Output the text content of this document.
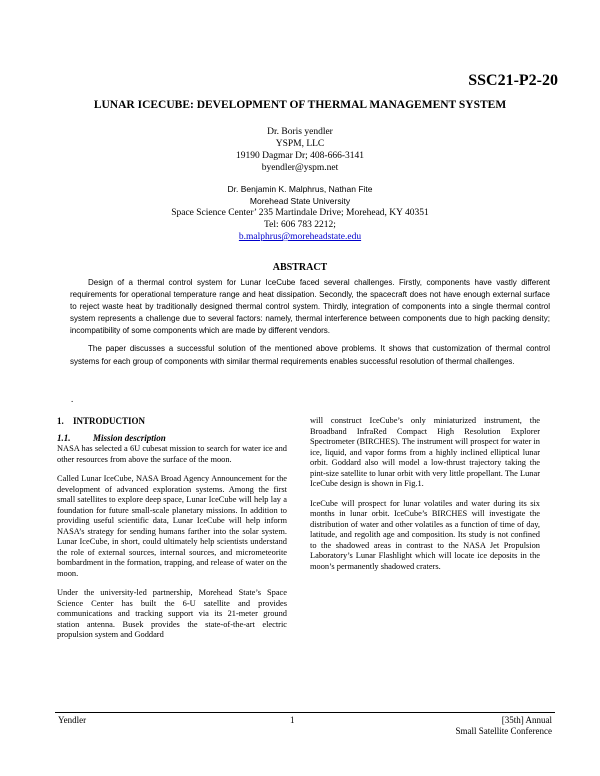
SSC21-P2-20

LUNAR ICECUBE: DEVELOPMENT OF THERMAL MANAGEMENT SYSTEM

Dr. Boris yendler

YSPM, LLC

19190 Dagmar Dr; 408-666-3141

byendler@yspm.net

Dr. Benjamin K. Malphrus, Nathan Fite

Morehead State University

Space Science Center’ 235 Martindale Drive; Morehead, KY 40351

Tel: 606 783 2212;

b.malphrus@moreheadstate.edu

ABSTRACT

Design of a thermal control system for Lunar IceCube faced several challenges. Firstly, components have vastly different requirements for operational temperature range and heat dissipation. Secondly, the spacecraft does not have enough external surface to reject waste heat by traditionally designed thermal control system. Thirdly, integration of components into a single thermal control system represents a challenge due to several factors: namely, thermal interference between components due to high packing density; incompatibility of some components which are made by different vendors.

The paper discusses a successful solution of the mentioned above problems. It shows that customization of thermal control systems for each group of components with similar thermal requirements enables successful resolution of thermal challenges.

.
1. INTRODUCTION
1.1.	Mission description

NASA has selected a 6U cubesat mission to search for water ice and other resources from above the surface of the moon.

Called Lunar IceCube, NASA Broad Agency Announcement for the development of advanced exploration systems. Among the first small satellites to explore deep space, Lunar IceCube will help lay a foundation for future small-scale planetary missions. In addition to providing useful scientific data, Lunar IceCube will help inform NASA’s strategy for sending humans farther into the solar system. Lunar IceCube, in short, could ultimately help scientists understand the role of external sources, internal sources, and micrometeorite bombardment in the formation, trapping, and release of water on the moon.

Under the university-led partnership, Morehead State’s Space Science Center has built the 6-U satellite and provides communications and tracking support via its 21-meter ground station antenna. Busek provides the state-of-the-art electric propulsion system and Goddard

will construct IceCube’s only miniaturized instrument, the Broadband InfraRed Compact High Resolution Explorer Spectrometer (BIRCHES). The instrument will prospect for water in ice, liquid, and vapor forms from a highly inclined elliptical lunar orbit. Goddard also will model a low-thrust trajectory taking the pint-size satellite to lunar orbit with very little propellant. The Lunar IceCube design is shown in Fig.1.

IceCube will prospect for lunar volatiles and water during its six months in lunar orbit. IceCube’s BIRCHES will investigate the distribution of water and other volatiles as a function of time of day, latitude, and regolith age and composition. Its study is not confined to the shadowed areas in contrast to the NASA Jet Propulsion Laboratory’s Lunar Flashlight which will locate ice deposits in the moon’s permanently shadowed craters.

Yendler	1	[35th] Annual
Small Satellite Conference
